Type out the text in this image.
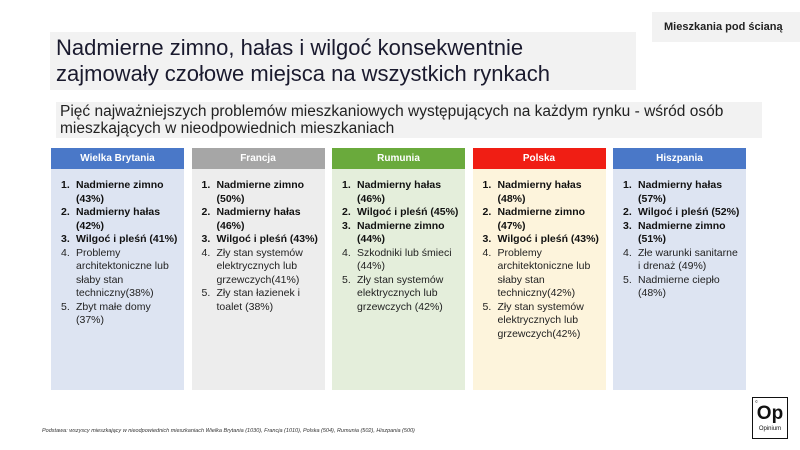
Mieszkania pod ścianą
Nadmierne zimno, hałas i wilgoć konsekwentnie
zajmowały czołowe miejsca na wszystkich rynkach
Pięć najważniejszych problemów mieszkaniowych występujących na każdym rynku - wśród osób
mieszkających w nieodpowiednich mieszkaniach
Wielka Brytania
1. Nadmierne zimno (43%)
2. Nadmierny hałas (42%)
3. Wilgoć i pleśń (41%)
4. Problemy architektoniczne lub słaby stan techniczny(38%)
5. Zbyt małe domy (37%)
Francja
1. Nadmierne zimno (50%)
2. Nadmierny hałas (46%)
3. Wilgoć i pleśń (43%)
4. Zły stan systemów elektrycznych lub grzewczych(41%)
5. Zły stan łazienek i toalet (38%)
Rumunia
1. Nadmierny hałas (46%)
2. Wilgoć i pleśń (45%)
3. Nadmierne zimno (44%)
4. Szkodniki lub śmieci (44%)
5. Zły stan systemów elektrycznych lub grzewczych (42%)
Polska
1. Nadmierny hałas (48%)
2. Nadmierne zimno (47%)
3. Wilgoć i pleśń (43%)
4. Problemy architektoniczne lub słaby stan techniczny(42%)
5. Zły stan systemów elektrycznych lub grzewczych(42%)
Hiszpania
1. Nadmierny hałas (57%)
2. Wilgoć i pleśń (52%)
3. Nadmierne zimno (51%)
4. Złe warunki sanitarne i drenaż (49%)
5. Nadmierne ciepło (48%)
Podstawa: wszyscy mieszkający w nieodpowiednich mieszkaniach Wielka Brytania (1030), Francja (1010), Polska (504), Rumunia (502), Hiszpania (500)
©
Op
Opinium
